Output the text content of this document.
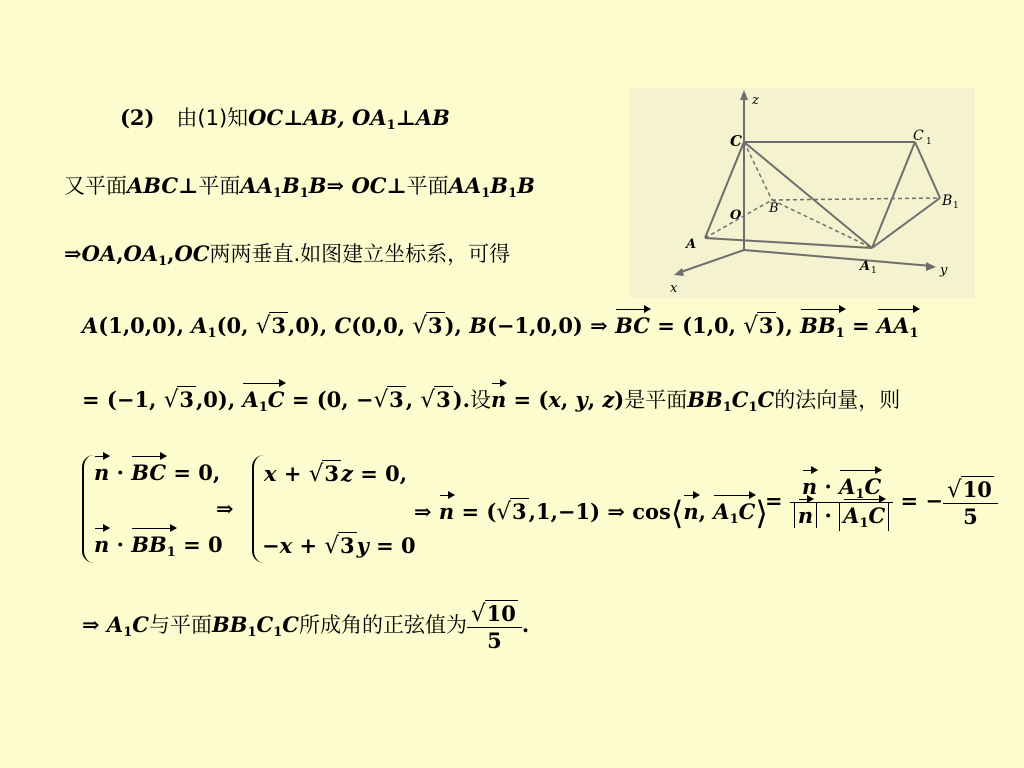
(2) 由(1)知OC⊥AB, $OA_1\perp AB$
又平面ABC⊥平面$AA_1B_1B\Rightarrow$ OC⊥平面$AA_1B_1B$
$\Rightarrow OA,OA_1,OC$两两垂直.如图建立坐标系，可得
z
y
x
C	C 1
B	B 1
O
A
A 1
A(1,0,0), $A_1(0$, √3,0), C(0,0, √3), B(−1,0,0) ⇒ BC = (1,0, √3), $BB_1 = AA_1$
= (−1, √3,0), $A_1C = (0$, −√3, √3).设n = (x, y, z)是平面$BB_1C_1C$的法向量，则
n · BC = 0,
$n \cdot BB_1 = 0$
⇒
x + √3z = 0,
−x + √3y = 0
⇒ n = (√3,1,−1) ⇒ cos⟨n, $A_1C⟩$
= $\frac{n \cdot A_1C}{n \cdot A_1C}$ = − $\frac{√10}{5}$
⇒ $A_1C$与平面$BB_1C_1C$所成角的正弦值为 $\frac{√10}{5}$ .
